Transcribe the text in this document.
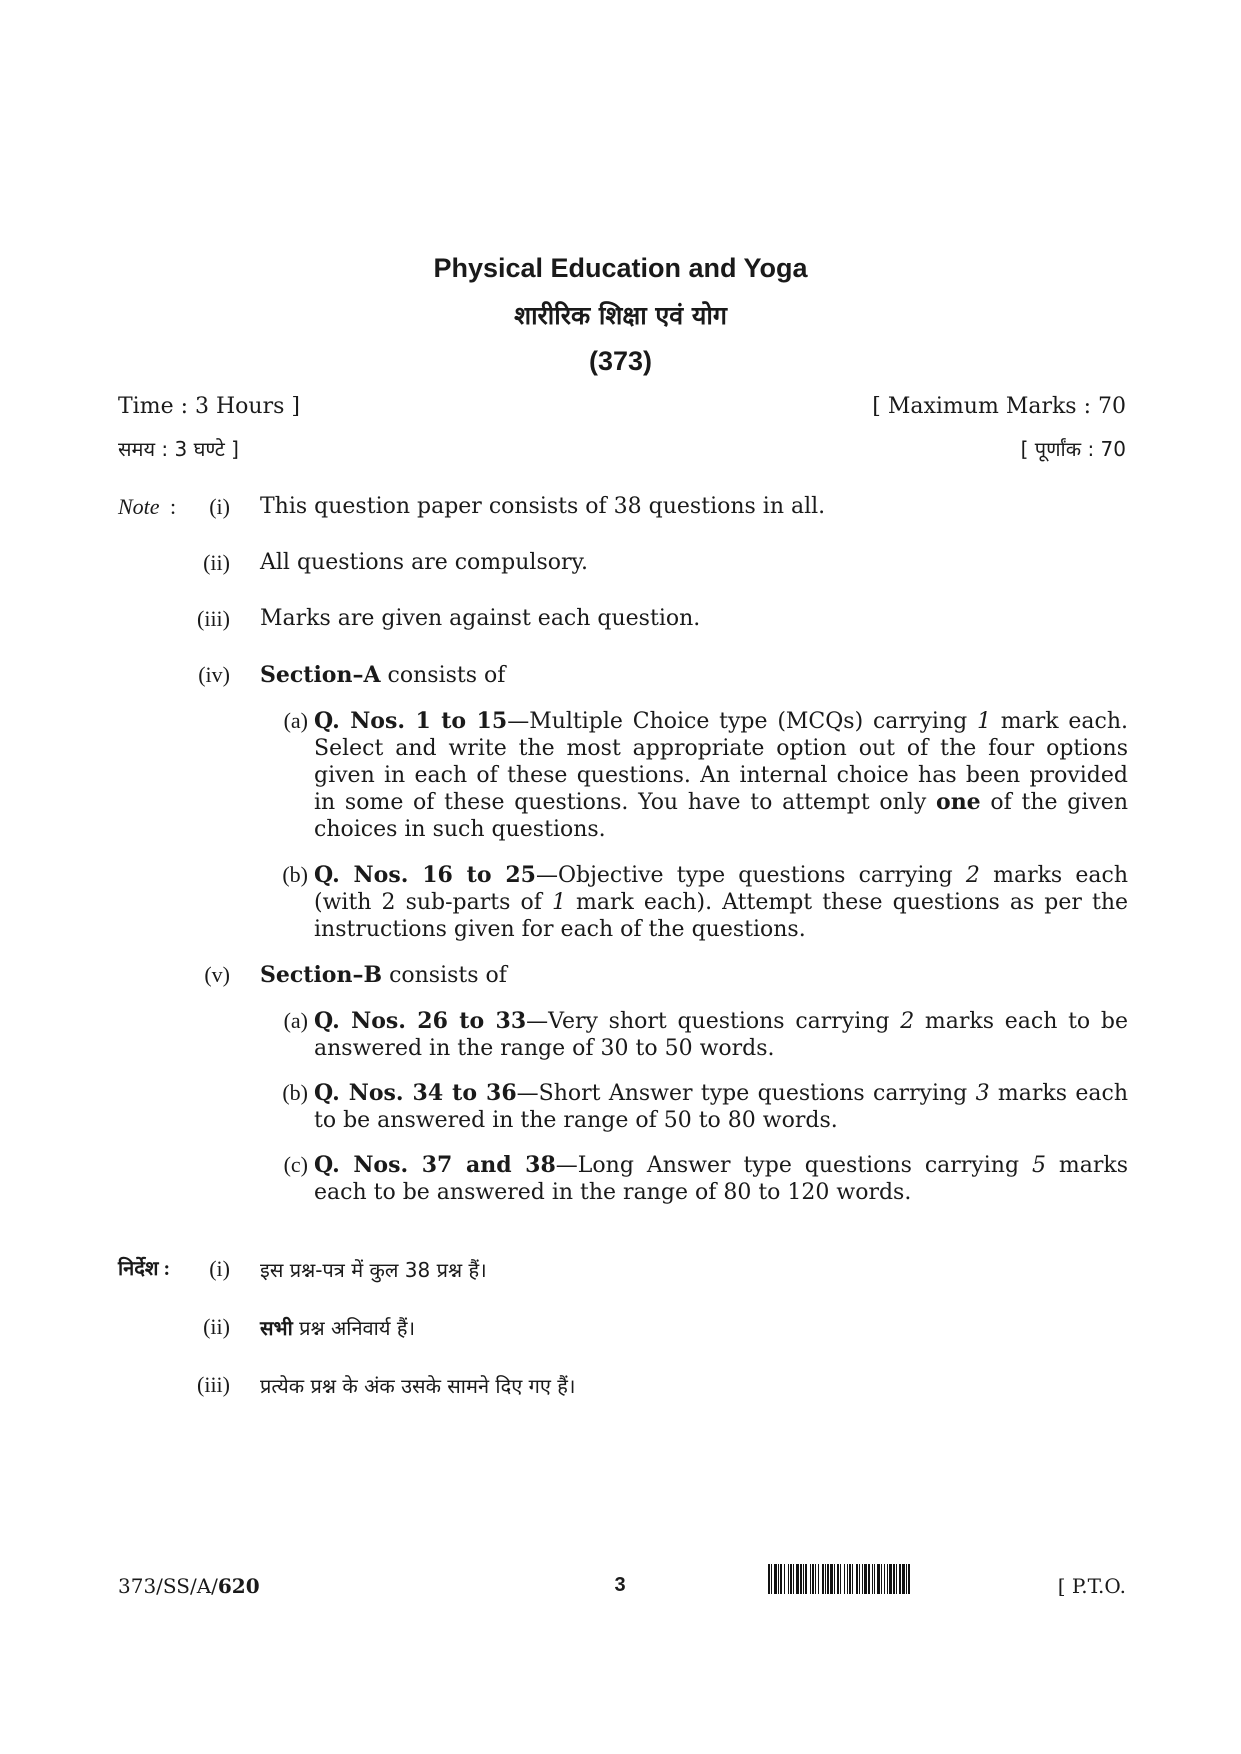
Physical Education and Yoga
शारीरिक शिक्षा एवं योग
(373)
Time : 3 Hours ]	[ Maximum Marks : 70
समय : 3 घण्टे ]	[ पूर्णांक : 70
Note :	(i) This question paper consists of 38 questions in all.
(ii) All questions are compulsory.
(iii) Marks are given against each question.
(iv) Section–A consists of
(a) Q. Nos. 1 to 15—Multiple Choice type (MCQs) carrying 1 mark each. Select and write the most appropriate option out of the four options given in each of these questions. An internal choice has been provided in some of these questions. You have to attempt only one of the given choices in such questions.
(b) Q. Nos. 16 to 25—Objective type questions carrying 2 marks each (with 2 sub-parts of 1 mark each). Attempt these questions as per the instructions given for each of the questions.
(v) Section–B consists of
(a) Q. Nos. 26 to 33—Very short questions carrying 2 marks each to be answered in the range of 30 to 50 words.
(b) Q. Nos. 34 to 36—Short Answer type questions carrying 3 marks each to be answered in the range of 50 to 80 words.
(c) Q. Nos. 37 and 38—Long Answer type questions carrying 5 marks each to be answered in the range of 80 to 120 words.
निर्देश :	(i) इस प्रश्न-पत्र में कुल 38 प्रश्न हैं।
(ii) सभी प्रश्न अनिवार्य हैं।
(iii) प्रत्येक प्रश्न के अंक उसके सामने दिए गए हैं।
373/SS/A/620	3	[ P.T.O.
